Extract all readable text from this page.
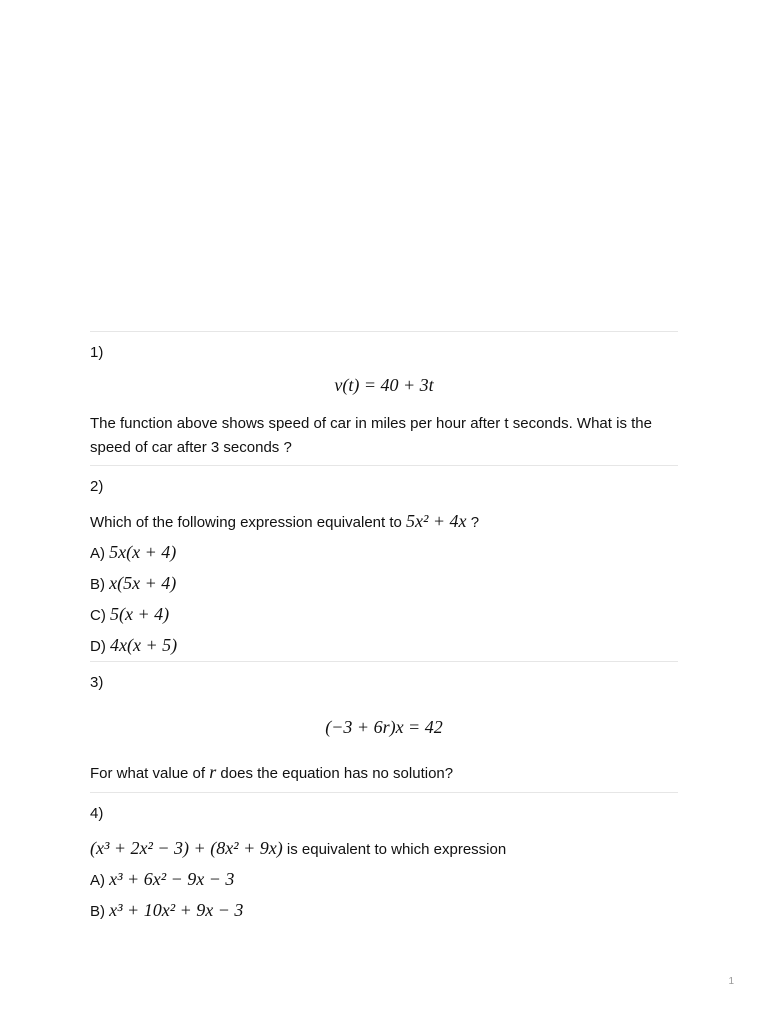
1)
v(t) = 40 + 3t
The function above shows speed of car in miles per hour after t seconds. What is the speed of car after 3 seconds ?
2)
Which of the following expression equivalent to 5x² + 4x ?
A) 5x(x + 4)
B) x(5x + 4)
C) 5(x + 4)
D) 4x(x + 5)
3)
(−3 + 6r)x = 42
For what value of r does the equation has no solution?
4)
(x³ + 2x² − 3) + (8x² + 9x) is equivalent to which expression
A) x³ + 6x² − 9x − 3
B) x³ + 10x² + 9x − 3
1
